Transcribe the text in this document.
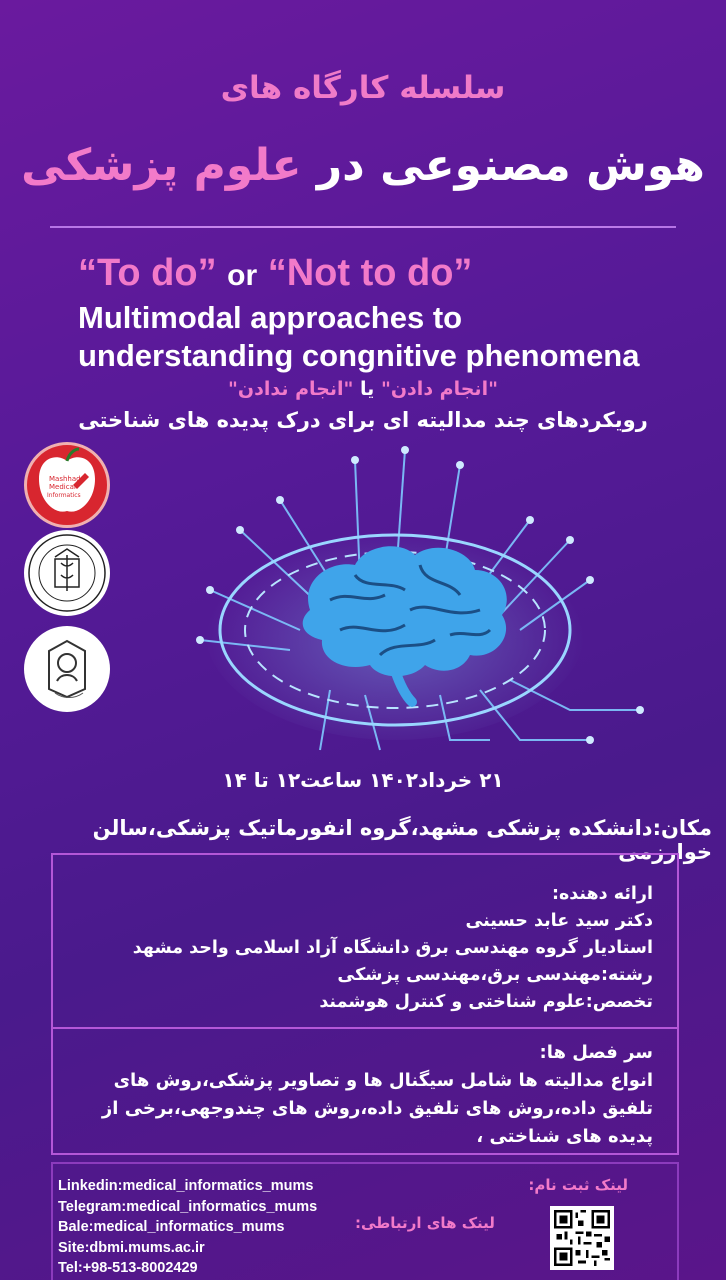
سلسله کارگاه های
هوش مصنوعی در علوم پزشکی
“To do” or “Not to do”
Multimodal approaches to
understanding congnitive phenomena
"انجام دادن" یا "انجام ندادن"
رویکردهای چند مدالیته ای برای درک پدیده های شناختی
Mashhad
Medical
Informatics
۲۱ خرداد۱۴۰۲ ساعت۱۲ تا ۱۴
مکان:دانشکده پزشکی مشهد،گروه انفورماتیک پزشکی،سالن خوارزمی
ارائه دهنده:
دکتر سید عابد حسینی
استادیار گروه مهندسی برق دانشگاه آزاد اسلامی واحد مشهد
رشته:مهندسی برق،مهندسی پزشکی
تخصص:علوم شناختی و کنترل هوشمند
سر فصل ها:
انواع مدالیته ها شامل سیگنال ها و تصاویر پزشکی،روش های
تلفیق داده،روش های تلفیق داده،روش های چندوجهی،برخی از
پدیده های شناختی ،
Linkedin:medical_informatics_mums
Telegram:medical_informatics_mums
Bale:medical_informatics_mums
Site:dbmi.mums.ac.ir
Tel:+98-513-8002429
لینک ثبت نام:
لینک های ارتباطی:
